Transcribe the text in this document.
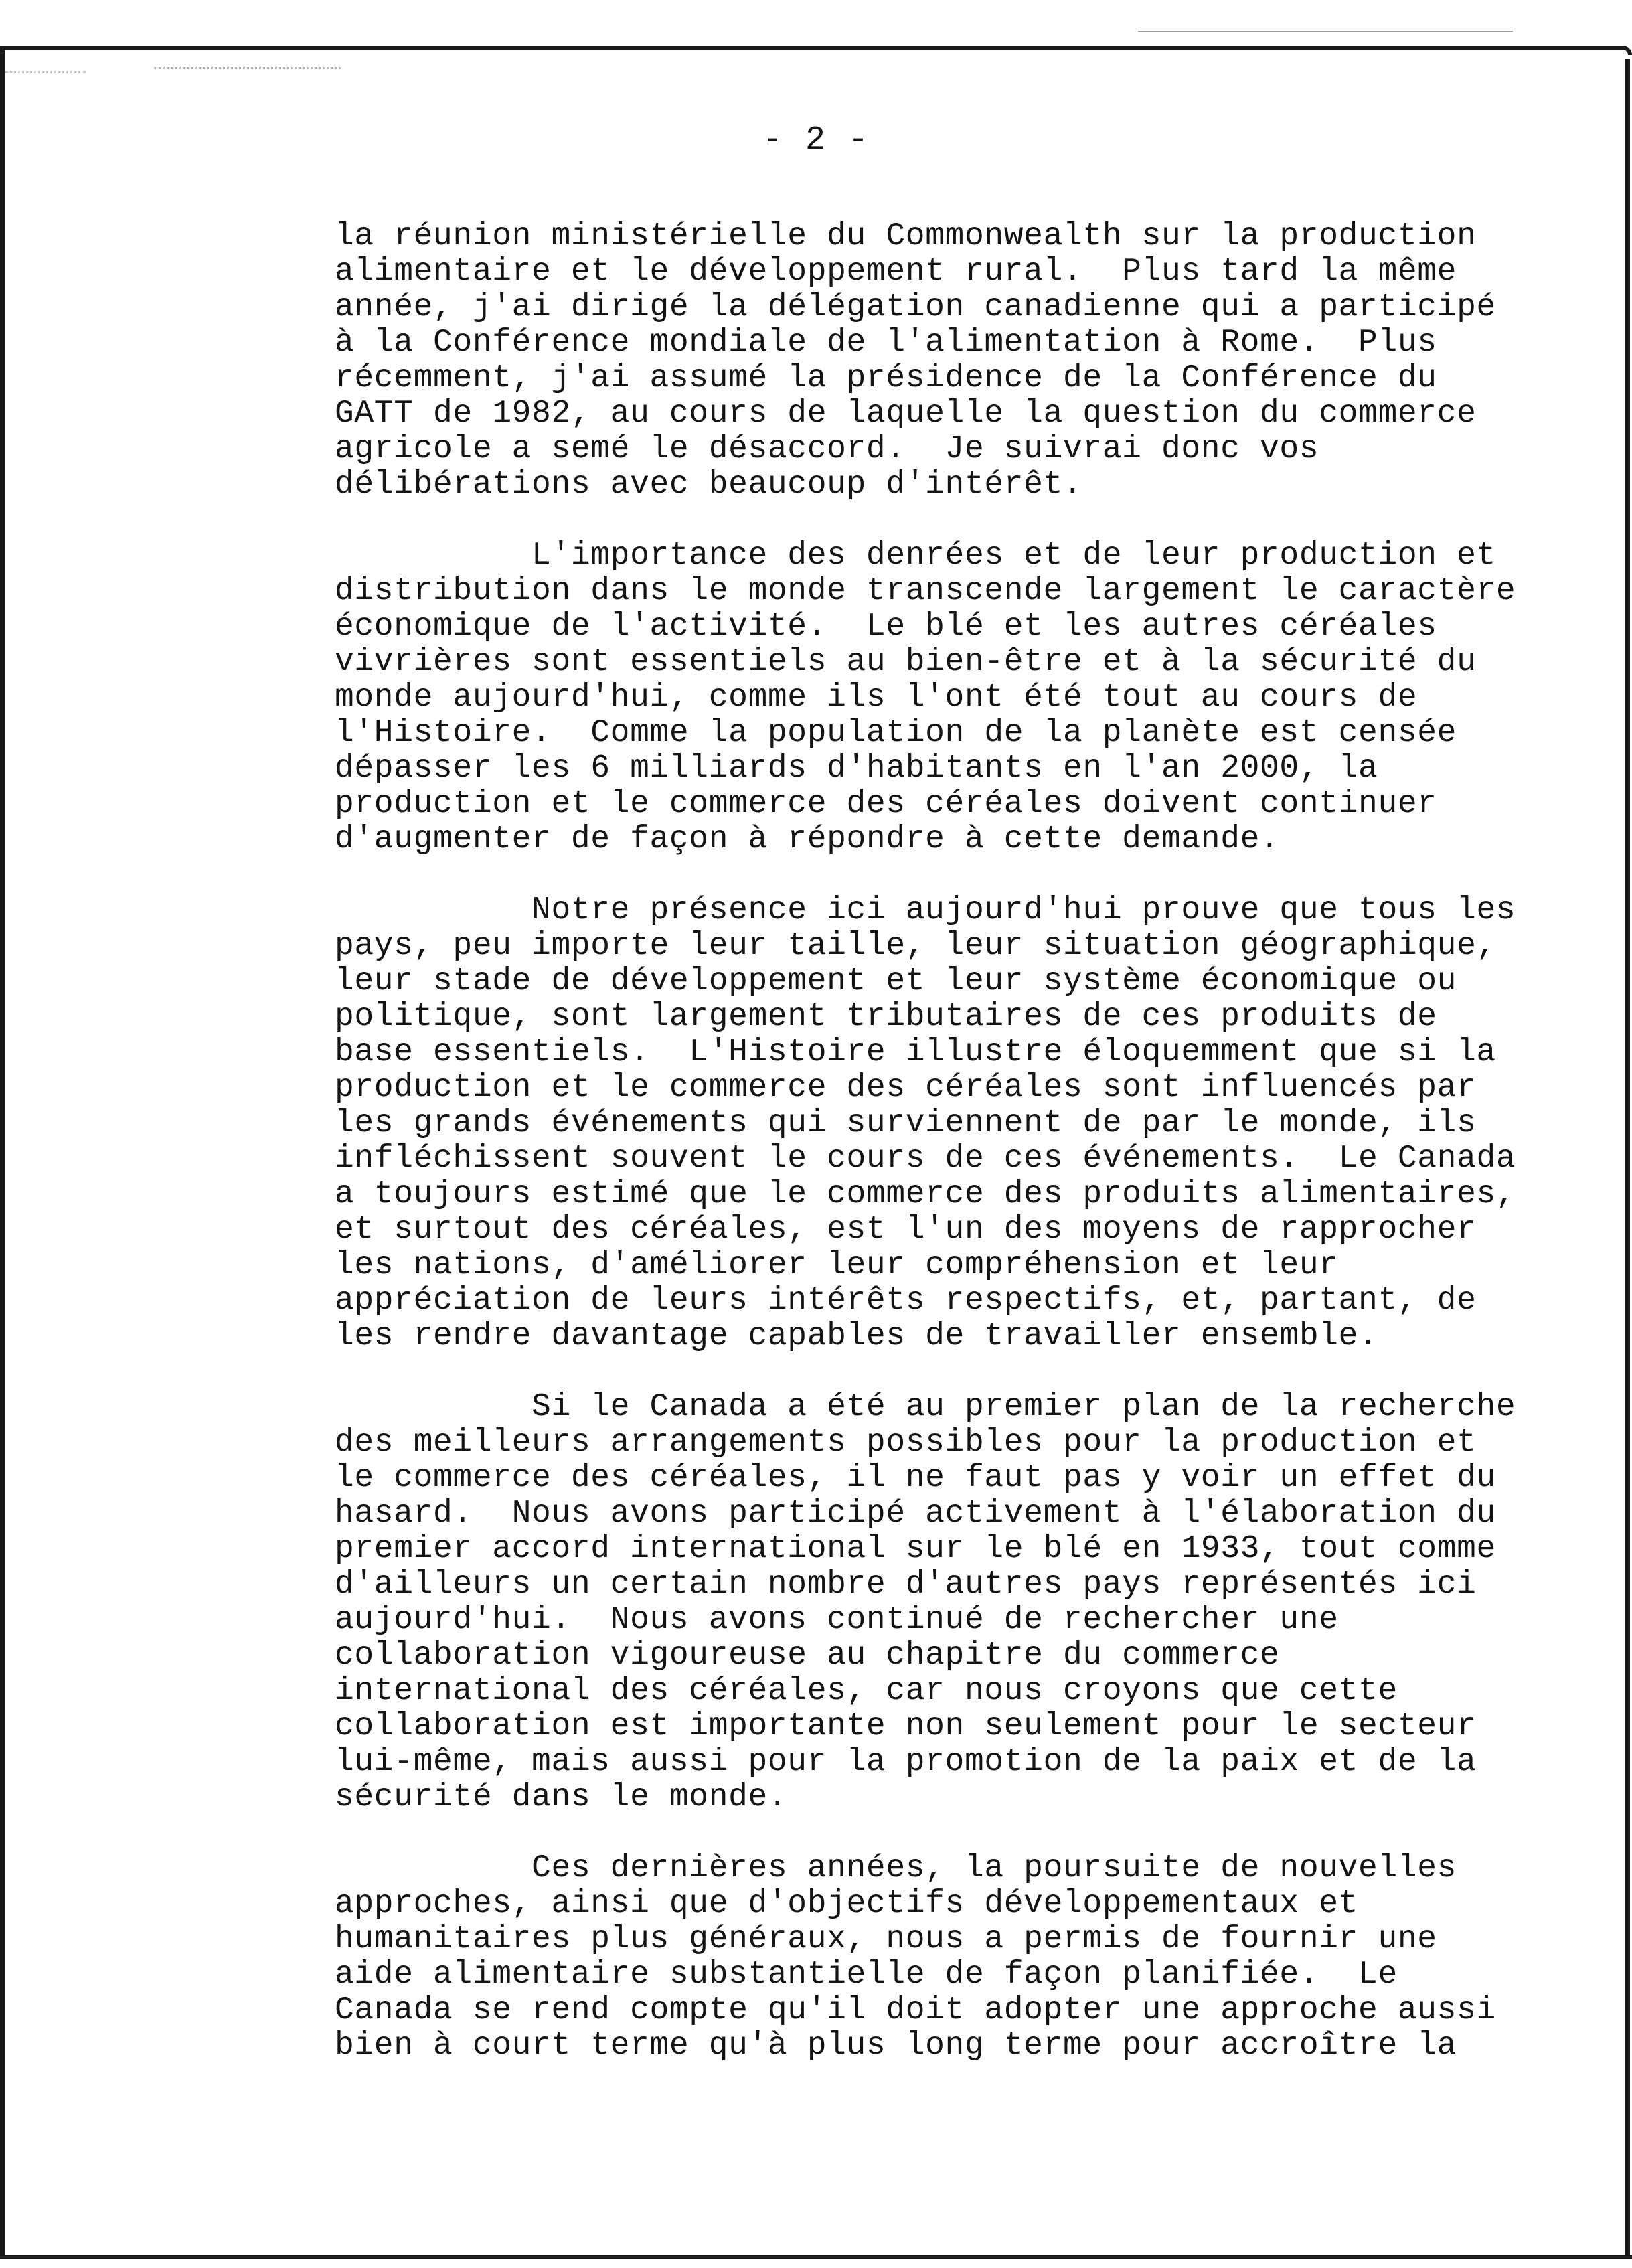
- 2 -
la réunion ministérielle du Commonwealth sur la production
alimentaire et le développement rural.  Plus tard la même
année, j'ai dirigé la délégation canadienne qui a participé
à la Conférence mondiale de l'alimentation à Rome.  Plus
récemment, j'ai assumé la présidence de la Conférence du
GATT de 1982, au cours de laquelle la question du commerce
agricole a semé le désaccord.  Je suivrai donc vos
délibérations avec beaucoup d'intérêt.
L'importance des denrées et de leur production et
distribution dans le monde transcende largement le caractère
économique de l'activité.  Le blé et les autres céréales
vivrières sont essentiels au bien-être et à la sécurité du
monde aujourd'hui, comme ils l'ont été tout au cours de
l'Histoire.  Comme la population de la planète est censée
dépasser les 6 milliards d'habitants en l'an 2000, la
production et le commerce des céréales doivent continuer
d'augmenter de façon à répondre à cette demande.
Notre présence ici aujourd'hui prouve que tous les
pays, peu importe leur taille, leur situation géographique,
leur stade de développement et leur système économique ou
politique, sont largement tributaires de ces produits de
base essentiels.  L'Histoire illustre éloquemment que si la
production et le commerce des céréales sont influencés par
les grands événements qui surviennent de par le monde, ils
infléchissent souvent le cours de ces événements.  Le Canada
a toujours estimé que le commerce des produits alimentaires,
et surtout des céréales, est l'un des moyens de rapprocher
les nations, d'améliorer leur compréhension et leur
appréciation de leurs intérêts respectifs, et, partant, de
les rendre davantage capables de travailler ensemble.
Si le Canada a été au premier plan de la recherche
des meilleurs arrangements possibles pour la production et
le commerce des céréales, il ne faut pas y voir un effet du
hasard.  Nous avons participé activement à l'élaboration du
premier accord international sur le blé en 1933, tout comme
d'ailleurs un certain nombre d'autres pays représentés ici
aujourd'hui.  Nous avons continué de rechercher une
collaboration vigoureuse au chapitre du commerce
international des céréales, car nous croyons que cette
collaboration est importante non seulement pour le secteur
lui-même, mais aussi pour la promotion de la paix et de la
sécurité dans le monde.
Ces dernières années, la poursuite de nouvelles
approches, ainsi que d'objectifs développementaux et
humanitaires plus généraux, nous a permis de fournir une
aide alimentaire substantielle de façon planifiée.  Le
Canada se rend compte qu'il doit adopter une approche aussi
bien à court terme qu'à plus long terme pour accroître la
